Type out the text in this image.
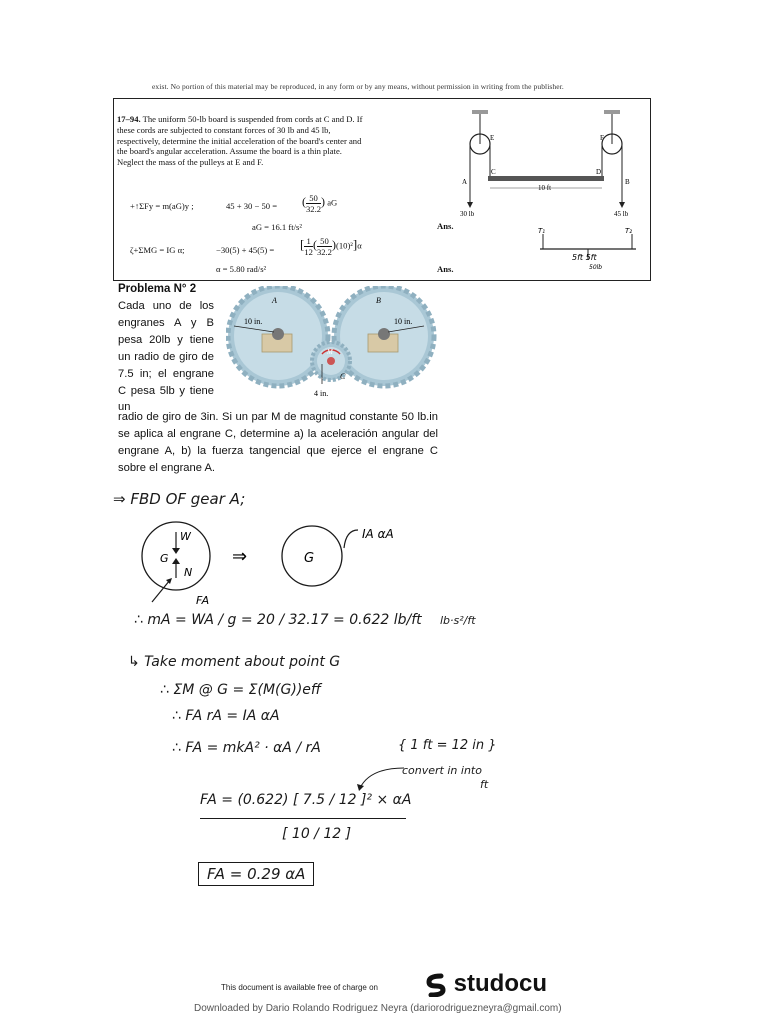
exist. No portion of this material may be reproduced, in any form or by any means, without permission in writing from the publisher.
17–94. The uniform 50-lb board is suspended from cords at C and D. If these cords are subjected to constant forces of 30 lb and 45 lb, respectively, determine the initial acceleration of the board's center and the board's angular acceleration. Assume the board is a thin plate. Neglect the mass of the pulleys at E and F.
+↑ΣFy = m(aG)y ;	45 + 30 − 50 = ( $\frac{50}{32.2}$ ) aG
aG = 16.1 ft/s²	Ans.
ζ+ΣMG = IG α;	−30(5) + 45(5) = [ $\frac{1}{12}$ ( $\frac{50}{32.2} )(10)^2]\alpha$
α = 5.80 rad/s²	Ans.
10 ft
E	F
C	D
A	B
30 lb	45 lb
T₁	T₂
5ft 5ft
50lb
Problema N° 2
Cada uno de los engranes A y B pesa 20lb y tiene un radio de giro de 7.5 in; el engrane C pesa 5lb y tiene un
radio de giro de 3in. Si un par M de magnitud constante 50 lb.in se aplica al engrane C, determine a) la aceleración angular del engrane A, b) la fuerza tangencial que ejerce el engrane C sobre el engrane A.
10 in.
A
10 in.
B
M
C
4 in.
⇒ FBD OF gear A;
W
G
N
FA
⇒	G
IA αA
∴ mA = WA / g = 20 / 32.17 = 0.622 lb/ft lb·s²/ft
↳ Take moment about point G
∴ ΣM @ G = Σ(M(G))eff
∴ FA rA = IA αA
∴ FA = mkA² · αA / rA	{ 1 ft = 12 in }
convert in into
ft
FA = (0.622) [ 7.5 / 12 ]² × αA
[ 10 / 12 ]
FA = 0.29 αA
This document is available free of charge on	studocu
Downloaded by Dario Rolando Rodriguez Neyra (dariorodriguezneyra@gmail.com)
